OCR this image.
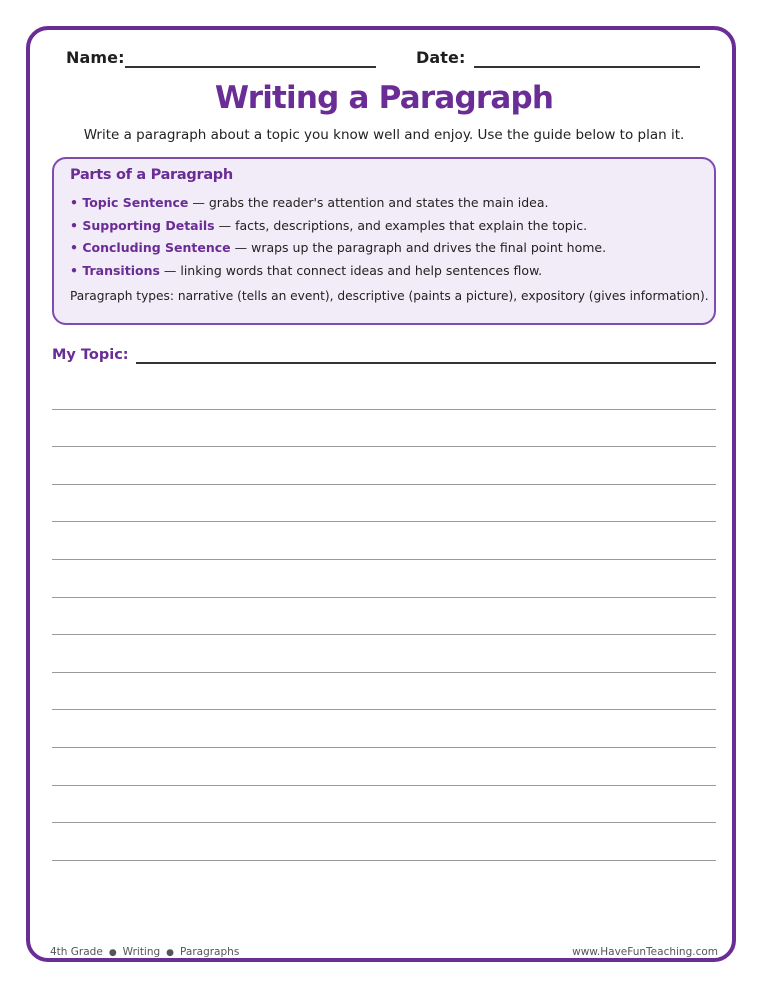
Name:	Date:
Writing a Paragraph
Write a paragraph about a topic you know well and enjoy. Use the guide below to plan it.
Parts of a Paragraph
• Topic Sentence — grabs the reader's attention and states the main idea.
• Supporting Details — facts, descriptions, and examples that explain the topic.
• Concluding Sentence — wraps up the paragraph and drives the final point home.
• Transitions — linking words that connect ideas and help sentences flow.
Paragraph types: narrative (tells an event), descriptive (paints a picture), expository (gives information).
My Topic:
4th Grade ● Writing ● Paragraphs	www.HaveFunTeaching.com
